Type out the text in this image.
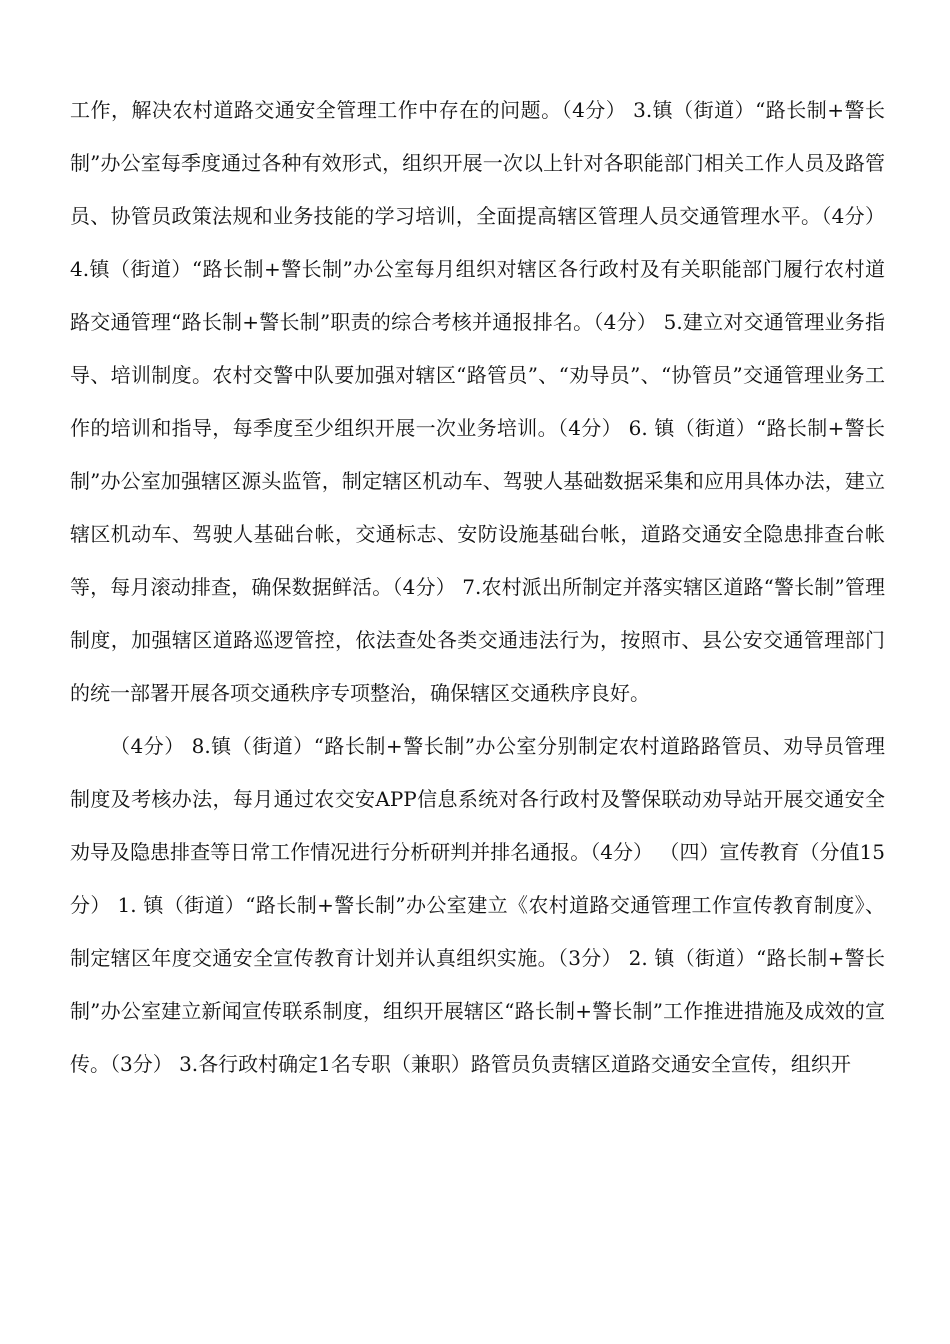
工作，解决农村道路交通安全管理工作中存在的问题。（4分） 3.镇（街道）“路长制+警长制”办公室每季度通过各种有效形式，组织开展一次以上针对各职能部门相关工作人员及路管员、协管员政策法规和业务技能的学习培训，全面提高辖区管理人员交通管理水平。（4分） 4.镇（街道）“路长制+警长制”办公室每月组织对辖区各行政村及有关职能部门履行农村道路交通管理“路长制+警长制”职责的综合考核并通报排名。（4分） 5.建立对交通管理业务指导、培训制度。农村交警中队要加强对辖区“路管员”、“劝导员”、“协管员”交通管理业务工作的培训和指导，每季度至少组织开展一次业务培训。（4分） 6. 镇（街道）“路长制+警长制”办公室加强辖区源头监管，制定辖区机动车、驾驶人基础数据采集和应用具体办法，建立辖区机动车、驾驶人基础台帐，交通标志、安防设施基础台帐，道路交通安全隐患排查台帐等，每月滚动排查，确保数据鲜活。（4分） 7.农村派出所制定并落实辖区道路“警长制”管理制度，加强辖区道路巡逻管控，依法查处各类交通违法行为，按照市、县公安交通管理部门的统一部署开展各项交通秩序专项整治，确保辖区交通秩序良好。

（4分） 8.镇（街道）“路长制+警长制”办公室分别制定农村道路路管员、劝导员管理制度及考核办法，每月通过农交安APP信息系统对各行政村及警保联动劝导站开展交通安全劝导及隐患排查等日常工作情况进行分析研判并排名通报。（4分） （四）宣传教育（分值15分） 1. 镇（街道）“路长制+警长制”办公室建立《农村道路交通管理工作宣传教育制度》、制定辖区年度交通安全宣传教育计划并认真组织实施。（3分） 2. 镇（街道）“路长制+警长制”办公室建立新闻宣传联系制度，组织开展辖区“路长制+警长制”工作推进措施及成效的宣传。（3分） 3.各行政村确定1名专职（兼职）路管员负责辖区道路交通安全宣传，组织开
